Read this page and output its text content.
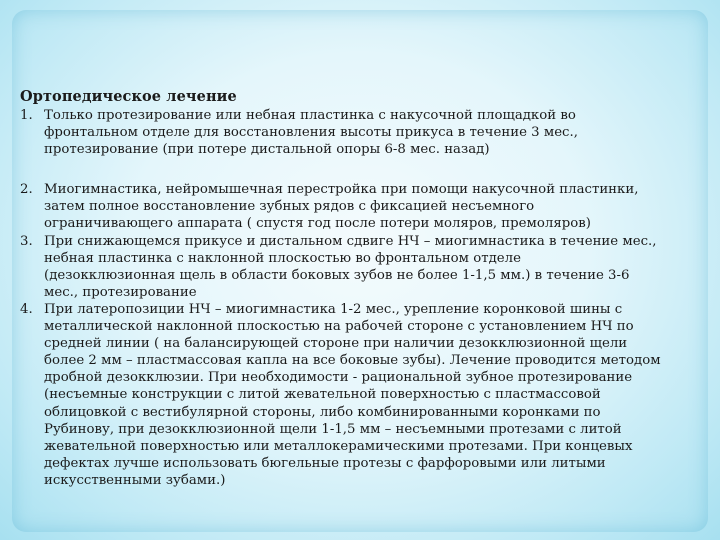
Ортопедическое лечение
1. Только протезирование или небная пластинка с накусочной площадкой во
фронтальном отделе для восстановления высоты прикуса в течение 3 мес.,
протезирование (при потере дистальной опоры 6-8 мес. назад)
2. Миогимнастика, нейромышечная перестройка при помощи накусочной пластинки,
затем полное восстановление зубных рядов с фиксацией несъемного
ограничивающего аппарата ( спустя год после потери моляров, премоляров)
3. При снижающемся прикусе и дистальном сдвиге НЧ – миогимнастика в течение мес.,
небная пластинка с наклонной плоскостью во фронтальном отделе
(дезокклюзионная щель в области боковых зубов не более 1-1,5 мм.) в течение 3-6
мес., протезирование
4. При латеропозиции НЧ – миогимнастика 1-2 мес., урепление коронковой шины с
металлической наклонной плоскостью на рабочей стороне с установлением НЧ по
средней линии ( на балансирующей стороне при наличии дезокклюзионной щели
более 2 мм – пластмассовая капла на все боковые зубы). Лечение проводится методом
дробной дезокклюзии. При необходимости - рациональной зубное протезирование
(несъемные конструкции с литой жевательной поверхностью с пластмассовой
облицовкой с вестибулярной стороны, либо комбинированными коронками по
Рубинову, при дезокклюзионной щели 1-1,5 мм – несъемными протезами с литой
жевательной поверхностью или металлокерамическими протезами. При концевых
дефектах лучше использовать бюгельные протезы с фарфоровыми или литыми
искусственными зубами.)
